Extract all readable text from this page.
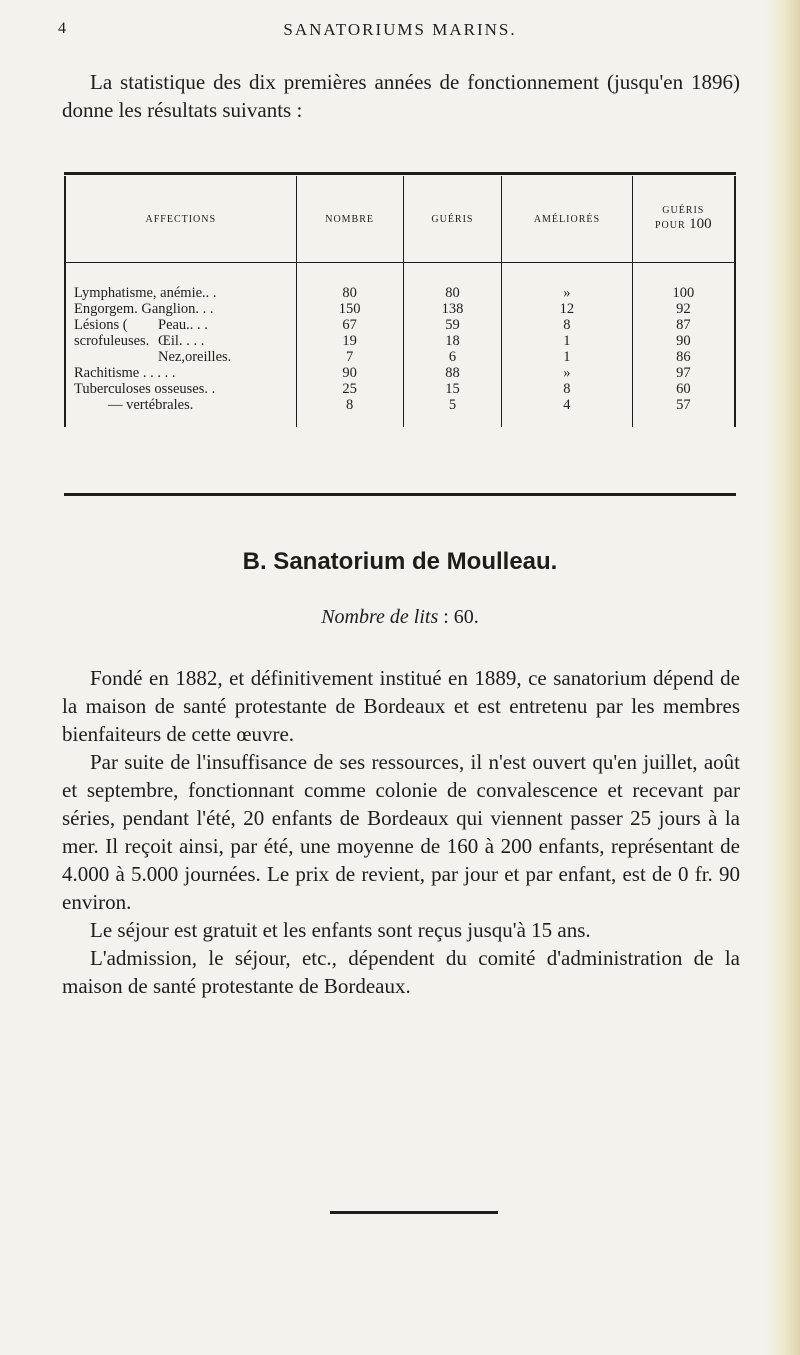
4	SANATORIUMS MARINS.

La statistique des dix premières années de fonctionnement (jusqu'en 1896) donne les résultats suivants :

AFFECTIONS	NOMBRE	GUÉRIS	AMÉLIORÉS	GUÉRIS
POUR 100

Lymphatisme, anémie.. .	80	80	»	100
Engorgem. Ganglion. . .	150	138	12	92
Lésions ( Peau.. . .	67	59	8	87
scrofuleuses. Œil. . . .	19	18	1	90
Nez,oreilles.	7	6	1	86
Rachitisme . . . . .	90	88	»	97
Tuberculoses osseuses. .	25	15	8	60
— vertébrales.	8	5	4	57
B. Sanatorium de Moulleau.
Nombre de lits : 60.

Fondé en 1882, et définitivement institué en 1889, ce sanatorium dépend de la maison de santé protestante de Bordeaux et est entretenu par les membres bienfaiteurs de cette œuvre.

Par suite de l'insuffisance de ses ressources, il n'est ouvert qu'en juillet, août et septembre, fonctionnant comme colonie de convalescence et recevant par séries, pendant l'été, 20 enfants de Bordeaux qui viennent passer 25 jours à la mer. Il reçoit ainsi, par été, une moyenne de 160 à 200 enfants, représentant de 4.000 à 5.000 journées. Le prix de revient, par jour et par enfant, est de 0 fr. 90 environ.

Le séjour est gratuit et les enfants sont reçus jusqu'à 15 ans.

L'admission, le séjour, etc., dépendent du comité d'administration de la maison de santé protestante de Bordeaux.
